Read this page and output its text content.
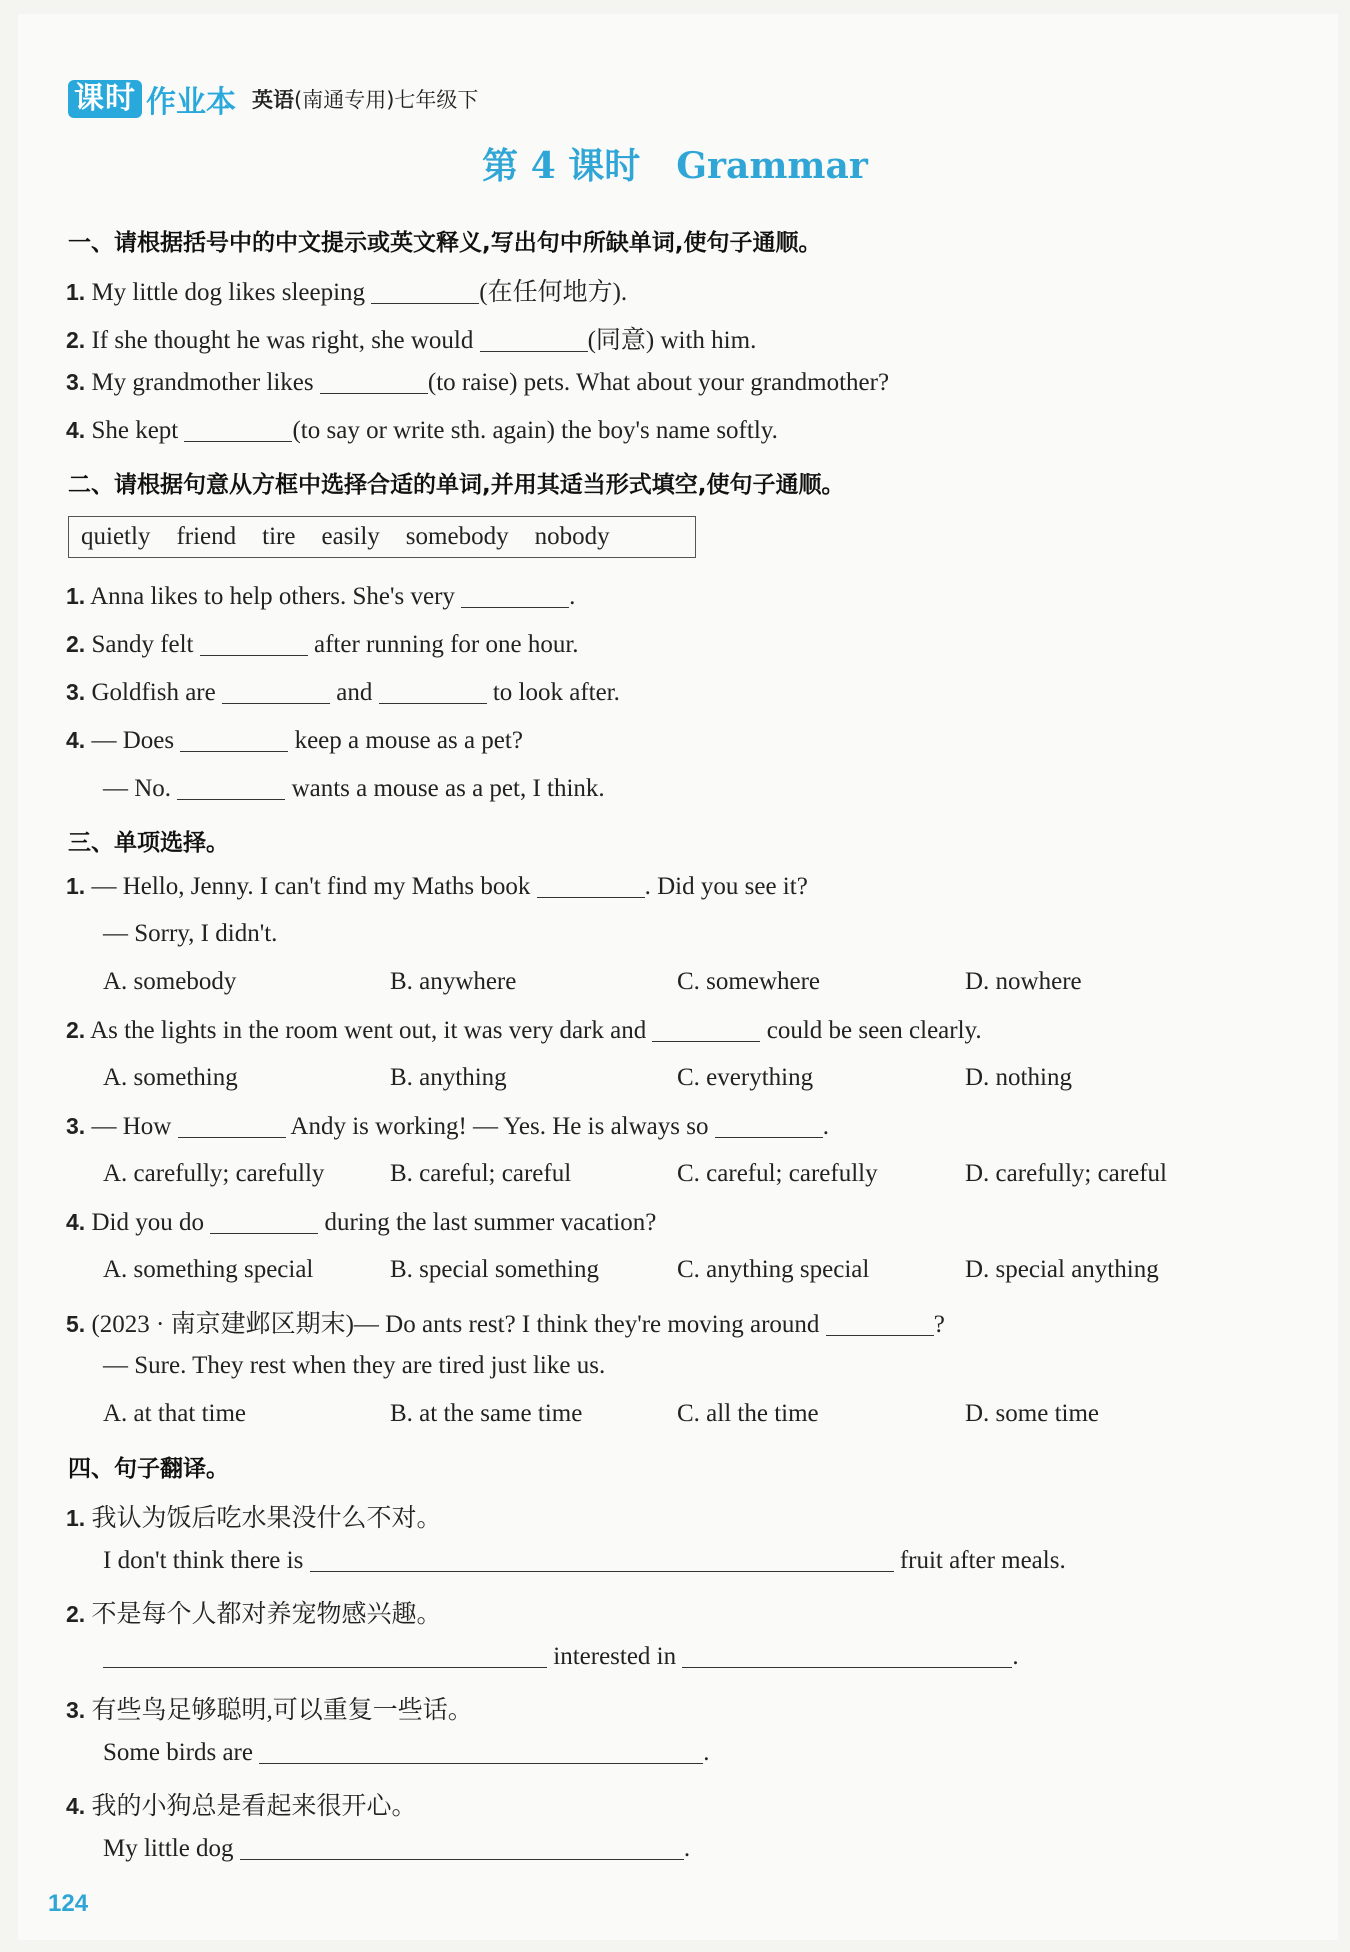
课时 作业本 英语(南通专用)七年级下
第 4 课时　Grammar
一、请根据括号中的中文提示或英文释义,写出句中所缺单词,使句子通顺。
1. My little dog likes sleeping	(在任何地方).
2. If she thought he was right, she would	(同意) with him.
3. My grandmother likes	(to raise) pets. What about your grandmother?
4. She kept	(to say or write sth. again) the boy's name softly.
二、请根据句意从方框中选择合适的单词,并用其适当形式填空,使句子通顺。
quietly friend tire easily somebody nobody
1. Anna likes to help others. She's very	.
2. Sandy felt	after running for one hour.
3. Goldfish are	and	to look after.
4. — Does	keep a mouse as a pet?
— No.	wants a mouse as a pet, I think.
三、单项选择。
1. — Hello, Jenny. I can't find my Maths book	. Did you see it?
— Sorry, I didn't.
A. somebody	B. anywhere	C. somewhere	D. nowhere
2. As the lights in the room went out, it was very dark and	could be seen clearly.
A. something	B. anything	C. everything	D. nothing
3. — How	Andy is working! — Yes. He is always so	.
A. carefully; carefully	B. careful; careful	C. careful; carefully	D. carefully; careful
4. Did you do	during the last summer vacation?
A. something special	B. special something	C. anything special	D. special anything
5. (2023 · 南京建邺区期末)— Do ants rest? I think they're moving around	?
— Sure. They rest when they are tired just like us.
A. at that time	B. at the same time	C. all the time	D. some time
四、句子翻译。
1. 我认为饭后吃水果没什么不对。
I don't think there is	fruit after meals.
2. 不是每个人都对养宠物感兴趣。
interested in	.
3. 有些鸟足够聪明,可以重复一些话。
Some birds are	.
4. 我的小狗总是看起来很开心。
My little dog	.
124
